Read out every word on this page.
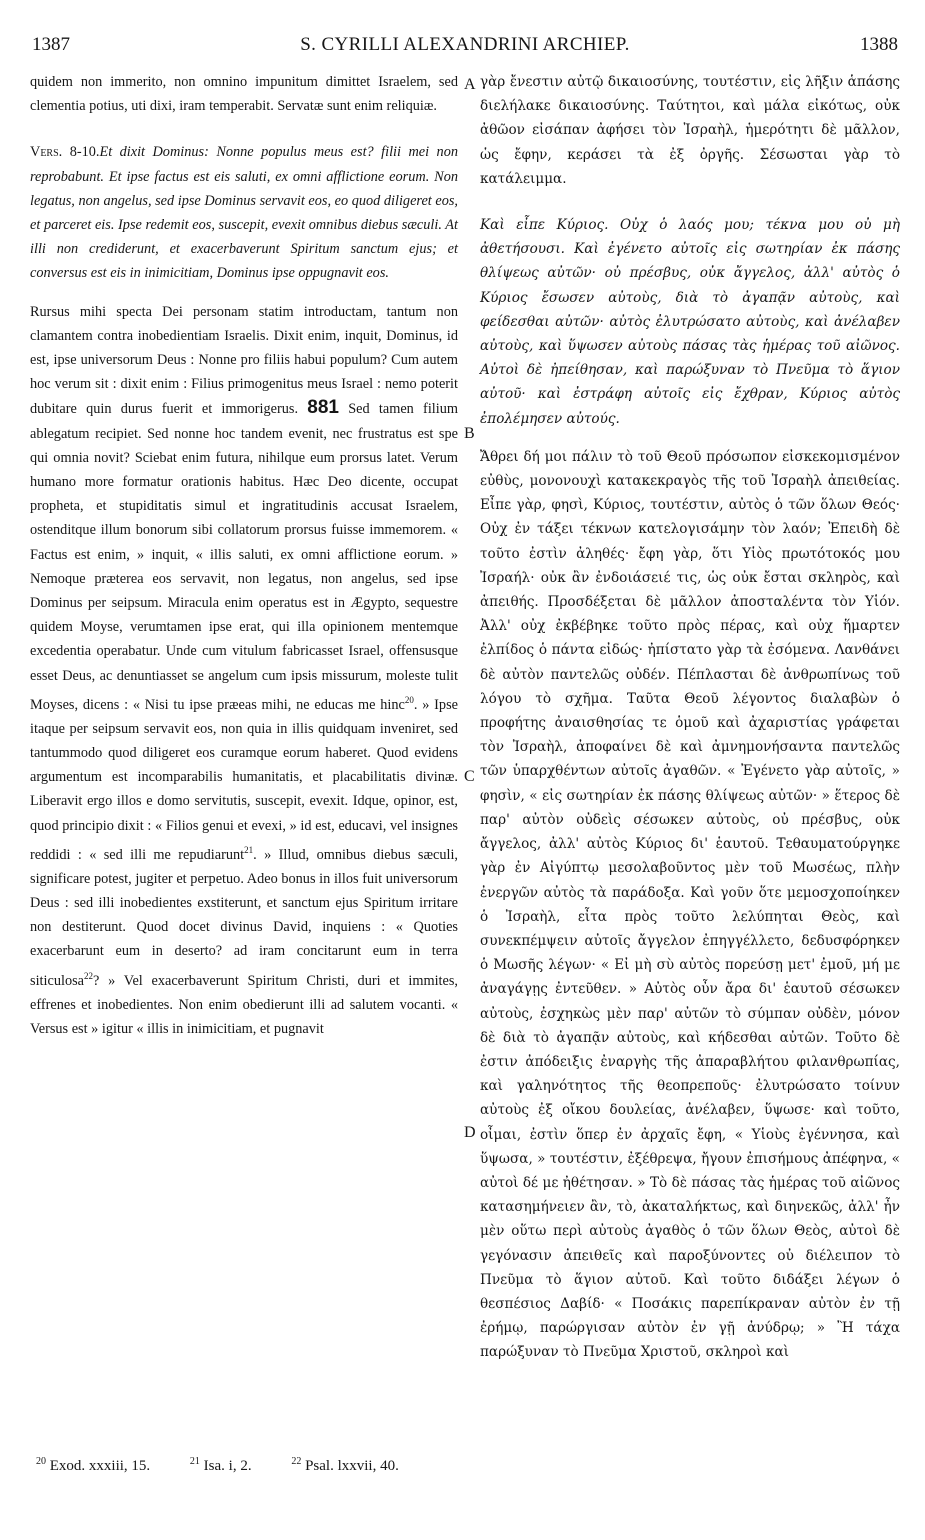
1387	S. CYRILLI ALEXANDRINI ARCHIEP.	1388

quidem non immerito, non omnino impunitum dimittet Israelem, sed clementia potius, uti dixi, iram temperabit. Servatæ sunt enim reliquiæ.

Vers. 8-10.Et dixit Dominus: Nonne populus meus est? filii mei non reprobabunt. Et ipse factus est eis saluti, ex omni afflictione eorum. Non legatus, non angelus, sed ipse Dominus servavit eos, eo quod diligeret eos, et parceret eis. Ipse redemit eos, suscepit, evexit omnibus diebus sæculi. At illi non crediderunt, et exacerbaverunt Spiritum sanctum ejus; et conversus est eis in inimicitiam, Dominus ipse oppugnavit eos.

Rursus mihi specta Dei personam statim introductam, tantum non clamantem contra inobedientiam Israelis. Dixit enim, inquit, Dominus, id est, ipse universorum Deus : Nonne pro filiis habui populum? Cum autem hoc verum sit : dixit enim : Filius primogenitus meus Israel : nemo poterit dubitare quin durus fuerit et immorigerus. 881 Sed tamen filium ablegatum recipiet. Sed nonne hoc tandem evenit, nec frustratus est spe qui omnia novit? Sciebat enim futura, nihilque eum prorsus latet. Verum humano more formatur orationis habitus. Hæc Deo dicente, occupat propheta, et stupiditatis simul et ingratitudinis accusat Israelem, ostenditque illum bonorum sibi collatorum prorsus fuisse immemorem. « Factus est enim, » inquit, « illis saluti, ex omni afflictione eorum. » Nemoque præterea eos servavit, non legatus, non angelus, sed ipse Dominus per seipsum. Miracula enim operatus est in Ægypto, sequestre quidem Moyse, verumtamen ipse erat, qui illa opinionem mentemque excedentia operabatur. Unde cum vitulum fabricasset Israel, offensusque esset Deus, ac denuntiasset se angelum cum ipsis missurum, moleste tulit Moyses, dicens : « Nisi tu ipse præeas mihi, ne educas me hinc$^{20}$. » Ipse itaque per seipsum servavit eos, non quia in illis quidquam inveniret, sed tantummodo quod diligeret eos curamque eorum haberet. Quod evidens argumentum est incomparabilis humanitatis, et placabilitatis divinæ. Liberavit ergo illos e domo servitutis, suscepit, evexit. Idque, opinor, est, quod principio dixit : « Filios genui et evexi, » id est, educavi, vel insignes reddidi : « sed illi me repudiarunt$^{21}$. » Illud, omnibus diebus sæculi, significare potest, jugiter et perpetuo. Adeo bonus in illos fuit universorum Deus : sed illi inobedientes exstiterunt, et sanctum ejus Spiritum irritare non destiterunt. Quod docet divinus David, inquiens : « Quoties exacerbarunt eum in deserto? ad iram concitarunt eum in terra siticulosa$^{22}$? » Vel exacerbaverunt Spiritum Christi, duri et immites, effrenes et inobedientes. Non enim obedierunt illi ad salutem vocanti. « Versus est » igitur « illis in inimicitiam, et pugnavit

A
B
C
D

γὰρ ἔνεστιν αὐτῷ δικαιοσύνης, τουτέστιν, εἰς λῆξιν ἁπάσης διελήλακε δικαιοσύνης. Ταύτητοι, καὶ μάλα εἰκότως, οὐκ ἀθῶον εἰσάπαν ἀφήσει τὸν Ἰσραὴλ, ἡμερότητι δὲ μᾶλλον, ὡς ἔφην, κεράσει τὰ ἐξ ὀργῆς. Σέσωσται γὰρ τὸ κατάλειμμα.

Καὶ εἶπε Κύριος. Οὐχ ὁ λαός μου; τέκνα μου οὐ μὴ ἀθετήσουσι. Καὶ ἐγένετο αὐτοῖς εἰς σωτηρίαν ἐκ πάσης θλίψεως αὐτῶν· οὐ πρέσβυς, οὐκ ἄγγελος, ἀλλ' αὐτὸς ὁ Κύριος ἔσωσεν αὐτοὺς, διὰ τὸ ἀγαπᾷν αὐτοὺς, καὶ φείδεσθαι αὐτῶν· αὐτὸς ἐλυτρώσατο αὐτοὺς, καὶ ἀνέλαβεν αὐτοὺς, καὶ ὕψωσεν αὐτοὺς πάσας τὰς ἡμέρας τοῦ αἰῶνος. Αὐτοὶ δὲ ἠπείθησαν, καὶ παρώξυναν τὸ Πνεῦμα τὸ ἅγιον αὐτοῦ· καὶ ἐστράφη αὐτοῖς εἰς ἔχθραν, Κύριος αὐτὸς ἐπολέμησεν αὐτούς.

Ἄθρει δή μοι πάλιν τὸ τοῦ Θεοῦ πρόσωπον εἰσκεκομισμένον εὐθὺς, μονονουχὶ κατακεκραγὸς τῆς τοῦ Ἰσραὴλ ἀπειθείας. Εἶπε γὰρ, φησὶ, Κύριος, τουτέστιν, αὐτὸς ὁ τῶν ὅλων Θεός· Οὐχ ἐν τάξει τέκνων κατελογισάμην τὸν λαόν; Ἐπειδὴ δὲ τοῦτο ἐστὶν ἀληθές· ἔφη γὰρ, ὅτι Υἱὸς πρωτότοκός μου Ἰσραήλ· οὐκ ἂν ἐνδοιάσειέ τις, ὡς οὐκ ἔσται σκληρὸς, καὶ ἀπειθής. Προσδέξεται δὲ μᾶλλον ἀποσταλέντα τὸν Υἱόν. Ἀλλ' οὐχ ἐκβέβηκε τοῦτο πρὸς πέρας, καὶ οὐχ ἥμαρτεν ἐλπίδος ὁ πάντα εἰδώς· ἠπίστατο γὰρ τὰ ἐσόμενα. Λανθάνει δὲ αὐτὸν παντελῶς οὐδέν. Πέπλασται δὲ ἀνθρωπίνως τοῦ λόγου τὸ σχῆμα. Ταῦτα Θεοῦ λέγοντος διαλαβὼν ὁ προφήτης ἀναισθησίας τε ὁμοῦ καὶ ἀχαριστίας γράφεται τὸν Ἰσραὴλ, ἀποφαίνει δὲ καὶ ἀμνημονήσαντα παντελῶς τῶν ὑπαρχθέντων αὐτοῖς ἀγαθῶν. « Ἐγένετο γὰρ αὐτοῖς, » φησὶν, « εἰς σωτηρίαν ἐκ πάσης θλίψεως αὐτῶν· » ἕτερος δὲ παρ' αὐτὸν οὐδεὶς σέσωκεν αὐτοὺς, οὐ πρέσβυς, οὐκ ἄγγελος, ἀλλ' αὐτὸς Κύριος δι' ἑαυτοῦ. Τεθαυματούργηκε γὰρ ἐν Αἰγύπτῳ μεσολαβοῦντος μὲν τοῦ Μωσέως, πλὴν ἐνεργῶν αὐτὸς τὰ παράδοξα. Καὶ γοῦν ὅτε μεμοσχοποίηκεν ὁ Ἰσραὴλ, εἶτα πρὸς τοῦτο λελύπηται Θεὸς, καὶ συνεκπέμψειν αὐτοῖς ἄγγελον ἐπηγγέλλετο, δεδυσφόρηκεν ὁ Μωσῆς λέγων· « Εἰ μὴ σὺ αὐτὸς πορεύσῃ μετ' ἐμοῦ, μή με ἀναγάγῃς ἐντεῦθεν. » Αὐτὸς οὖν ἄρα δι' ἑαυτοῦ σέσωκεν αὐτοὺς, ἐσχηκὼς μὲν παρ' αὐτῶν τὸ σύμπαν οὐδὲν, μόνον δὲ διὰ τὸ ἀγαπᾷν αὐτοὺς, καὶ κήδεσθαι αὐτῶν. Τοῦτο δὲ ἐστιν ἀπόδειξις ἐναργὴς τῆς ἀπαραβλήτου φιλανθρωπίας, καὶ γαληνότητος τῆς θεοπρεποῦς· ἐλυτρώσατο τοίνυν αὐτοὺς ἐξ οἴκου δουλείας, ἀνέλαβεν, ὕψωσε· καὶ τοῦτο, οἶμαι, ἐστὶν ὅπερ ἐν ἀρχαῖς ἔφη, « Υἱοὺς ἐγέννησα, καὶ ὕψωσα, » τουτέστιν, ἐξέθρεψα, ἤγουν ἐπισήμους ἀπέφηνα, « αὐτοὶ δέ με ἠθέτησαν. » Τὸ δὲ πάσας τὰς ἡμέρας τοῦ αἰῶνος κατασημήνειεν ἂν, τὸ, ἀκαταλήκτως, καὶ διηνεκῶς, ἀλλ' ἦν μὲν οὕτω περὶ αὐτοὺς ἀγαθὸς ὁ τῶν ὅλων Θεὸς, αὐτοὶ δὲ γεγόνασιν ἀπειθεῖς καὶ παροξύνοντες οὐ διέλειπον τὸ Πνεῦμα τὸ ἅγιον αὐτοῦ. Καὶ τοῦτο διδάξει λέγων ὁ θεσπέσιος Δαβίδ· « Ποσάκις παρεπίκραναν αὐτὸν ἐν τῇ ἐρήμῳ, παρώργισαν αὐτὸν ἐν γῇ ἀνύδρῳ; » Ἢ τάχα παρώξυναν τὸ Πνεῦμα Χριστοῦ, σκληροὶ καὶ

$^{20}$ Exod. xxxiii, 15.	$^{21}$ Isa. i, 2.	$^{22}$ Psal. lxxvii, 40.
